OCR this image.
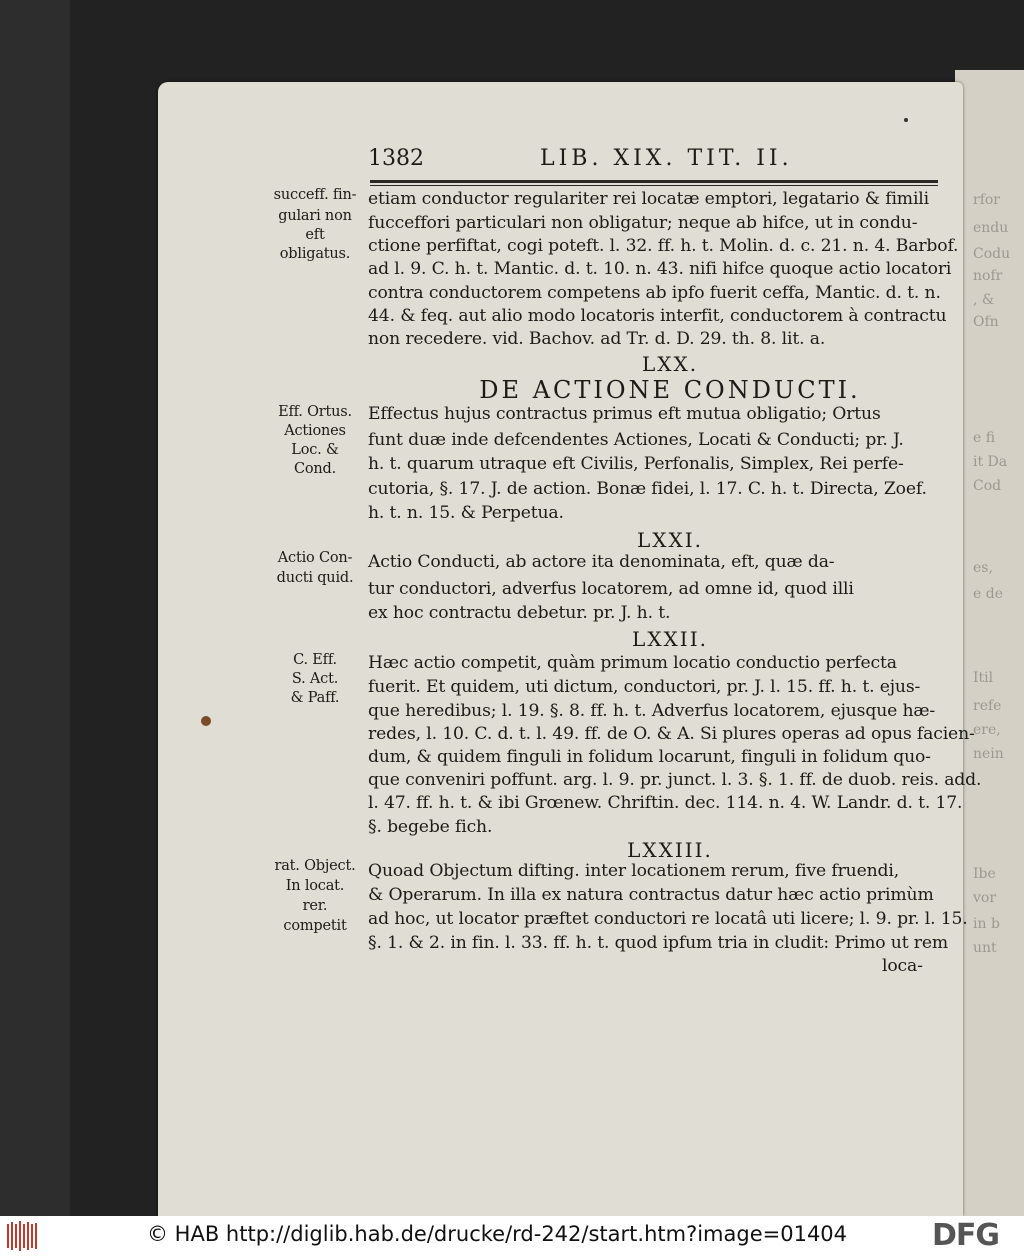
rfor
endu
Codu
nofr
, &
Ofn
e fi
it Da
Cod
es,
e de
Itil
refe
ere,
nein
Ibe
vor
in b
unt
1382	LIB. XIX. TIT. II.
succeff. fin-
gulari non
eft
obligatus.
Eff. Ortus.
Actiones
Loc. &
Cond.
Actio Con-
ducti quid.
C. Eff.
S. Act.
& Paff.
rat. Object.
In locat.
rer.
competit
etiam conductor regulariter rei locatæ emptori, legatario & fimili
fucceffori particulari non obligatur; neque ab hifce, ut in condu-
ctione perfiftat, cogi poteft. l. 32. ff. h. t. Molin. d. c. 21. n. 4. Barbof.
ad l. 9. C. h. t. Mantic. d. t. 10. n. 43. nifi hifce quoque actio locatori
contra conductorem competens ab ipfo fuerit ceffa, Mantic. d. t. n.
44. & feq. aut alio modo locatoris interfit, conductorem à contractu
non recedere. vid. Bachov. ad Tr. d. D. 29. th. 8. lit. a.
LXX.
DE ACTIONE CONDUCTI.
Effectus hujus contractus primus eft mutua obligatio; Ortus
funt duæ inde defcendentes Actiones, Locati & Conducti; pr. J.
h. t. quarum utraque eft Civilis, Perfonalis, Simplex, Rei perfe-
cutoria, §. 17. J. de action. Bonæ fidei, l. 17. C. h. t. Directa, Zoef.
h. t. n. 15. & Perpetua.
LXXI.
Actio Conducti, ab actore ita denominata, eft, quæ da-
tur conductori, adverfus locatorem, ad omne id, quod illi
ex hoc contractu debetur. pr. J. h. t.
LXXII.
Hæc actio competit, quàm primum locatio conductio perfecta
fuerit. Et quidem, uti dictum, conductori, pr. J. l. 15. ff. h. t. ejus-
que heredibus; l. 19. §. 8. ff. h. t. Adverfus locatorem, ejusque hæ-
redes, l. 10. C. d. t. l. 49. ff. de O. & A. Si plures operas ad opus facien-
dum, & quidem finguli in folidum locarunt, finguli in folidum quo-
que conveniri poffunt. arg. l. 9. pr. junct. l. 3. §. 1. ff. de duob. reis. add.
l. 47. ff. h. t. & ibi Grœnew. Chriftin. dec. 114. n. 4. W. Landr. d. t. 17.
§. begebe fich.
LXXIII.
Quoad Objectum difting. inter locationem rerum, five fruendi,
& Operarum. In illa ex natura contractus datur hæc actio primùm
ad hoc, ut locator præftet conductori re locatâ uti licere; l. 9. pr. l. 15.
§. 1. & 2. in fin. l. 33. ff. h. t. quod ipfum tria in cludit: Primo ut rem
loca-
© HAB http://diglib.hab.de/drucke/rd-242/start.htm?image=01404	DFG
